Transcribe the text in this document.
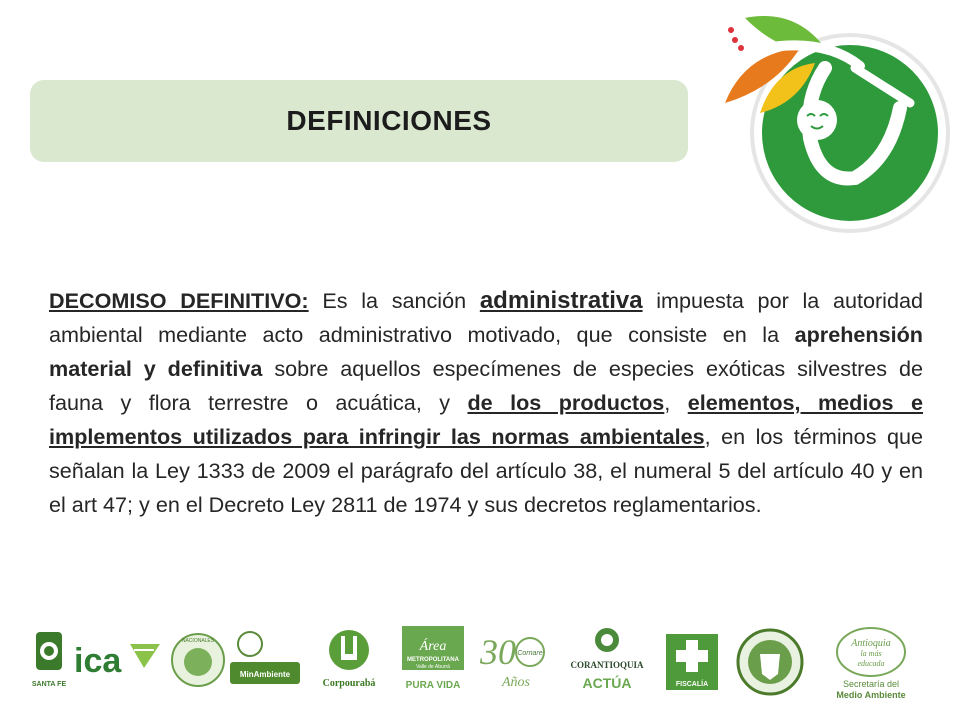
DEFINICIONES
DECOMISO DEFINITIVO: Es la sanción administrativa impuesta por la autoridad ambiental mediante acto administrativo motivado, que consiste en la aprehensión material y definitiva sobre aquellos especímenes de especies exóticas silvestres de fauna y flora terrestre o acuática, y de los productos, elementos, medios e implementos utilizados para infringir las normas ambientales, en los términos que señalan la Ley 1333 de 2009 el parágrafo del artículo 38, el numeral 5 del artículo 40 y en el art 47; y en el Decreto Ley 2811 de 1974 y sus decretos reglamentarios.
SANTA FE
ica
NACIONALES
MinAmbiente
Corpourabá
Área
METROPOLITANA
Valle de Aburrá
PURA VIDA
30 Cornare
Años
CORANTIOQUIA
ACTÚA	FISCALÍA
Antioquia
la más
educada
Secretaría del
Medio Ambiente
